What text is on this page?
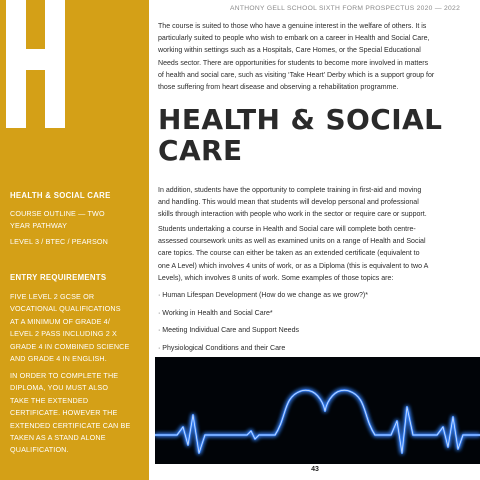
ANTHONY GELL SCHOOL SIXTH FORM PROSPECTUS 2020 — 2022
The course is suited to those who have a genuine interest in the welfare of others. It is
particularly suited to people who wish to embark on a career in Health and Social Care,
working within settings such as a Hospitals, Care Homes, or the Special Educational
Needs sector. There are opportunities for students to become more involved in matters
of health and social care, such as visiting ‘Take Heart’ Derby which is a support group for
those suffering from heart disease and observing a rehabilitation programme.
HEALTH & SOCIAL
CARE
In addition, students have the opportunity to complete training in first-aid and moving
and handling. This would mean that students will develop personal and professional
skills through interaction with people who work in the sector or require care or support.
Students undertaking a course in Health and Social care will complete both centre-
assessed coursework units as well as examined units on a range of Health and Social
care topics. The course can either be taken as an extended certificate (equivalent to
one A Level) which involves 4 units of work, or as a Diploma (this is equivalent to two A
Levels), which involves 8 units of work. Some examples of those topics are:
· Human Lifespan Development (How do we change as we grow?)*
· Working in Health and Social Care*
· Meeting Individual Care and Support Needs
· Physiological Conditions and their Care
HEALTH & SOCIAL CARE
COURSE OUTLINE — TWO
YEAR PATHWAY
LEVEL 3 / BTEC / PEARSON
ENTRY REQUIREMENTS
FIVE LEVEL 2 GCSE OR
VOCATIONAL QUALIFICATIONS
AT A MINIMUM OF GRADE 4/
LEVEL 2 PASS INCLUDING 2 X
GRADE 4 IN COMBINED SCIENCE
AND GRADE 4 IN ENGLISH.
IN ORDER TO COMPLETE THE
DIPLOMA, YOU MUST ALSO
TAKE THE EXTENDED
CERTIFICATE. HOWEVER THE
EXTENDED CERTIFICATE CAN BE
TAKEN AS A STAND ALONE
QUALIFICATION.
43
